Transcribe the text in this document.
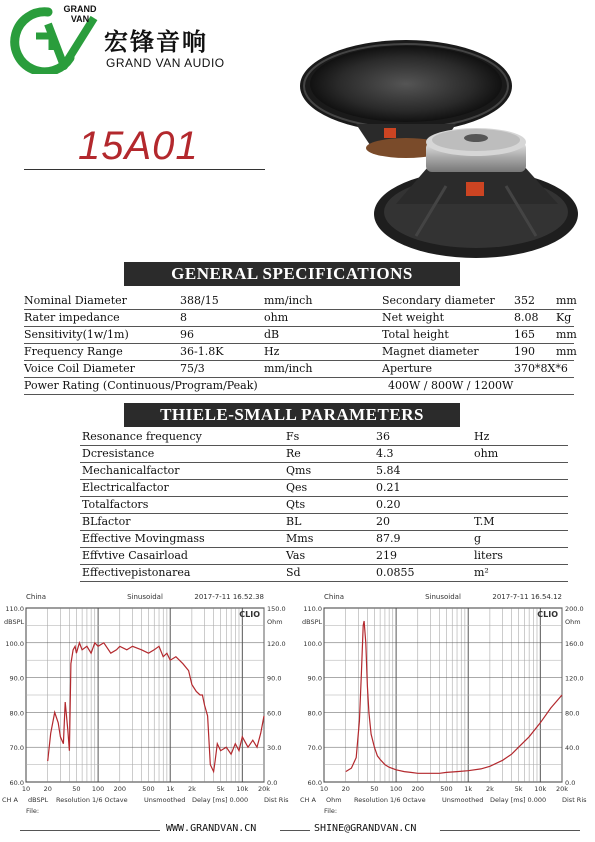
GRAND VAN
宏锋音响
GRAND VAN AUDIO
15A01
GENERAL SPECIFICATIONS
Nominal Diameter	388/15	mm/inch	Secondary diameter 352 mm
Rater impedance	8	ohm	Net weight	8.08 Kg
Sensitivity(1w/1m)	96	dB	Total height	165 mm
Frequency Range	36-1.8K	Hz	Magnet diameter	190 mm
Voice Coil Diameter	75/3	mm/inch	Aperture	370*8X*6
Power Rating (Continuous/Program/Peak)	400W / 800W / 1200W
THIELE-SMALL PARAMETERS
Resonance frequency	Fs	36	Hz
Dcresistance	Re	4.3	ohm
Mechanicalfactor	Qms	5.84
Electricalfactor	Qes	0.21
Totalfactors	Qts	0.20
BLfactor	BL	20	T.M
Effective Movingmass	Mms	87.9	g
Effvtive Casairload	Vas	219	liters
Effectivepistonarea	Sd	0.0855	m²
China	Sinusoidal	2017-7-11 16.52.38
110.0
100.0
90.0
80.0
70.0
60.0
dBSPL
150.0
120.0
90.0
60.0
30.0
0.0
Ohm
CLIO
10 20	50 100 200	500 1k 2k	5k 10k 20k
CH A dBSPL Resolution 1/6 Octave	Unsmoothed Delay [ms] 0.000 Dist Ris
File:
China	Sinusoidal	2017-7-11 16.54.12
110.0
100.0
90.0
80.0
70.0
60.0
dBSPL
200.0
160.0
120.0
80.0
40.0
0.0
Ohm
CLIO
10 20	50 100 200	500 1k 2k	5k 10k 20k
CH A Ohm Resolution 1/6 Octave	Unsmoothed Delay [ms] 0.000 Dist Ris
File:
WWW.GRANDVAN.CN	SHINE@GRANDVAN.CN
